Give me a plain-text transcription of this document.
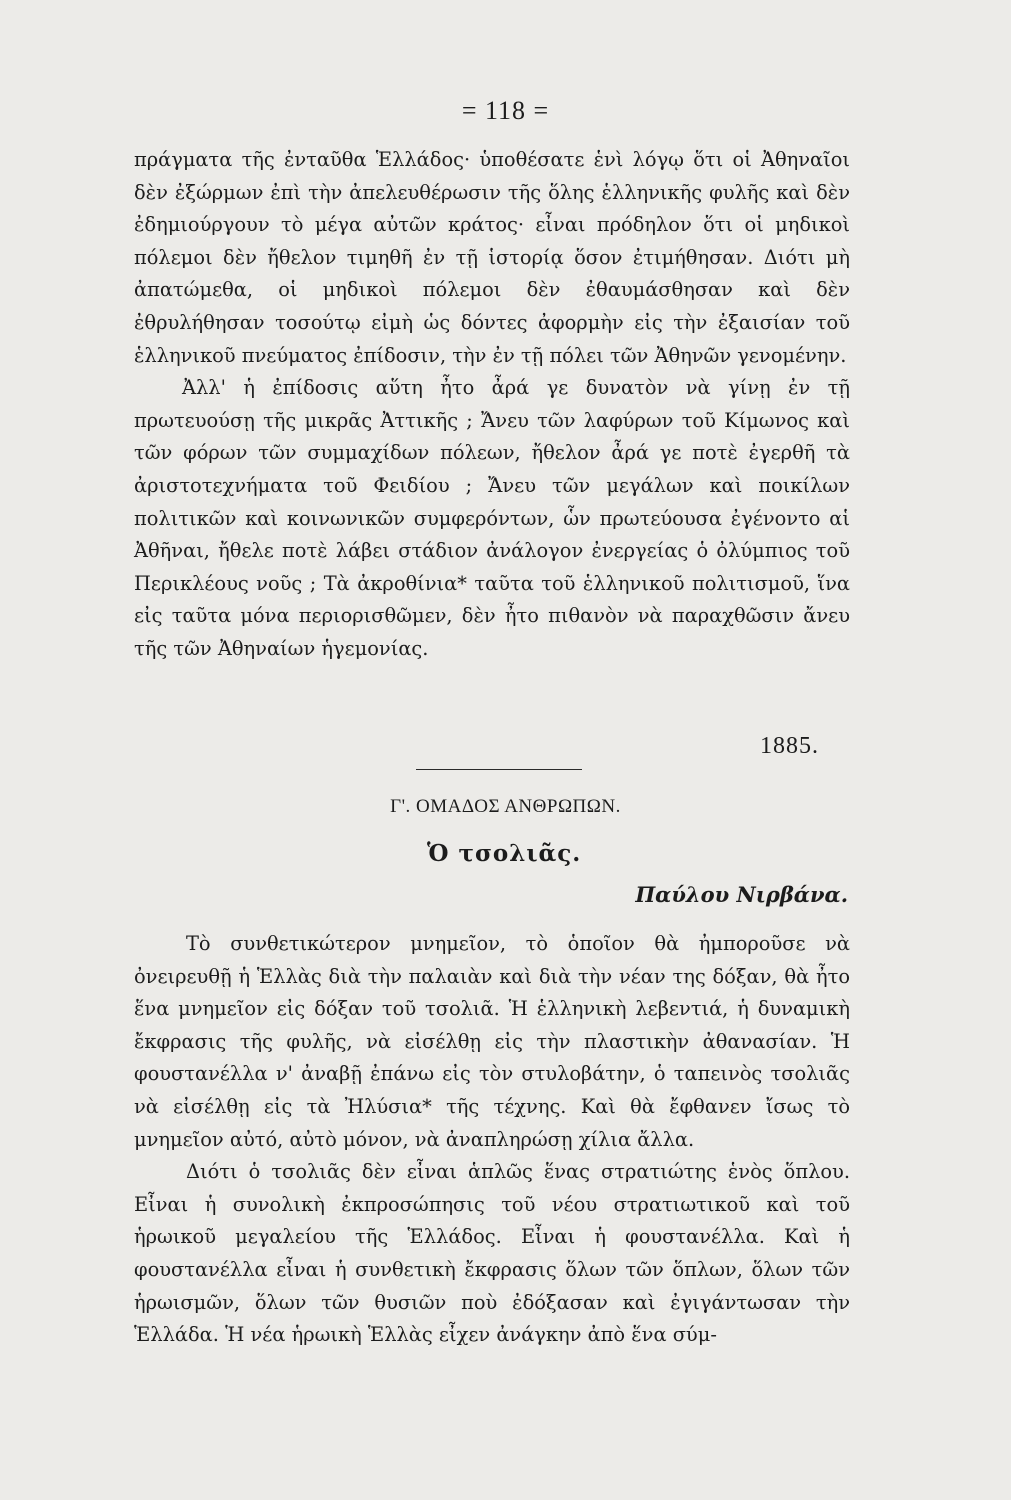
= 118 =

πράγματα τῆς ἐνταῦθα Ἑλλάδος· ὑποθέσατε ἑνὶ λόγῳ ὅτι οἱ Ἀθηναῖοι δὲν ἐξώρμων ἐπὶ τὴν ἀπελευθέρωσιν τῆς ὅλης ἑλληνικῆς φυλῆς καὶ δὲν ἐδημιούργουν τὸ μέγα αὐτῶν κράτος· εἶναι πρόδηλον ὅτι οἱ μηδικοὶ πόλεμοι δὲν ἤθελον τιμηθῆ ἐν τῇ ἱστορίᾳ ὅσον ἐτιμήθησαν. Διότι μὴ ἀπατώμεθα, οἱ μηδικοὶ πόλεμοι δὲν ἐθαυμάσθησαν καὶ δὲν ἐθρυλήθησαν τοσούτῳ εἰμὴ ὡς δόντες ἀφορμὴν εἰς τὴν ἐξαισίαν τοῦ ἑλληνικοῦ πνεύματος ἐπίδοσιν, τὴν ἐν τῇ πόλει τῶν Ἀθηνῶν γενομένην.

Ἀλλ' ἡ ἐπίδοσις αὕτη ἦτο ἆρά γε δυνατὸν νὰ γίνῃ ἐν τῇ πρωτευούσῃ τῆς μικρᾶς Ἀττικῆς ; Ἄνευ τῶν λαφύρων τοῦ Κίμωνος καὶ τῶν φόρων τῶν συμμαχίδων πόλεων, ἤθελον ἆρά γε ποτὲ ἐγερθῆ τὰ ἀριστοτεχνήματα τοῦ Φειδίου ; Ἄνευ τῶν μεγάλων καὶ ποικίλων πολιτικῶν καὶ κοινωνικῶν συμφερόντων, ὧν πρωτεύουσα ἐγένοντο αἱ Ἀθῆναι, ἤθελε ποτὲ λάβει στάδιον ἀνάλογον ἐνεργείας ὁ ὀλύμπιος τοῦ Περικλέους νοῦς ; Τὰ ἀκροθίνια* ταῦτα τοῦ ἑλληνικοῦ πολιτισμοῦ, ἵνα εἰς ταῦτα μόνα περιορισθῶμεν, δὲν ἦτο πιθανὸν νὰ παραχθῶσιν ἄνευ τῆς τῶν Ἀθηναίων ἡγεμονίας.

1885.
Γ'. ΟΜΑΔΟΣ ΑΝΘΡΩΠΩΝ.
Ὁ τσολιᾶς.
Παύλου Νιρβάνα.

Τὸ συνθετικώτερον μνημεῖον, τὸ ὁποῖον θὰ ἠμποροῦσε νὰ ὀνειρευθῇ ἡ Ἑλλὰς διὰ τὴν παλαιὰν καὶ διὰ τὴν νέαν της δόξαν, θὰ ἦτο ἕνα μνημεῖον εἰς δόξαν τοῦ τσολιᾶ. Ἡ ἑλληνικὴ λεβεντιά, ἡ δυναμικὴ ἔκφρασις τῆς φυλῆς, νὰ εἰσέλθῃ εἰς τὴν πλαστικὴν ἀθανασίαν. Ἡ φουστανέλλα ν' ἀναβῇ ἐπάνω εἰς τὸν στυλοβάτην, ὁ ταπεινὸς τσολιᾶς νὰ εἰσέλθῃ εἰς τὰ Ἠλύσια* τῆς τέχνης. Καὶ θὰ ἔφθανεν ἴσως τὸ μνημεῖον αὐτό, αὐτὸ μόνον, νὰ ἀναπληρώσῃ χίλια ἄλλα.

Διότι ὁ τσολιᾶς δὲν εἶναι ἁπλῶς ἕνας στρατιώτης ἑνὸς ὅπλου. Εἶναι ἡ συνολικὴ ἐκπροσώπησις τοῦ νέου στρατιωτικοῦ καὶ τοῦ ἡρωικοῦ μεγαλείου τῆς Ἑλλάδος. Εἶναι ἡ φουστανέλλα. Καὶ ἡ φουστανέλλα εἶναι ἡ συνθετικὴ ἔκφρασις ὅλων τῶν ὅπλων, ὅλων τῶν ἡρωισμῶν, ὅλων τῶν θυσιῶν ποὺ ἐδόξασαν καὶ ἐγιγάντωσαν τὴν Ἑλλάδα. Ἡ νέα ἡρωικὴ Ἑλλὰς εἶχεν ἀνάγκην ἀπὸ ἕνα σύμ-
